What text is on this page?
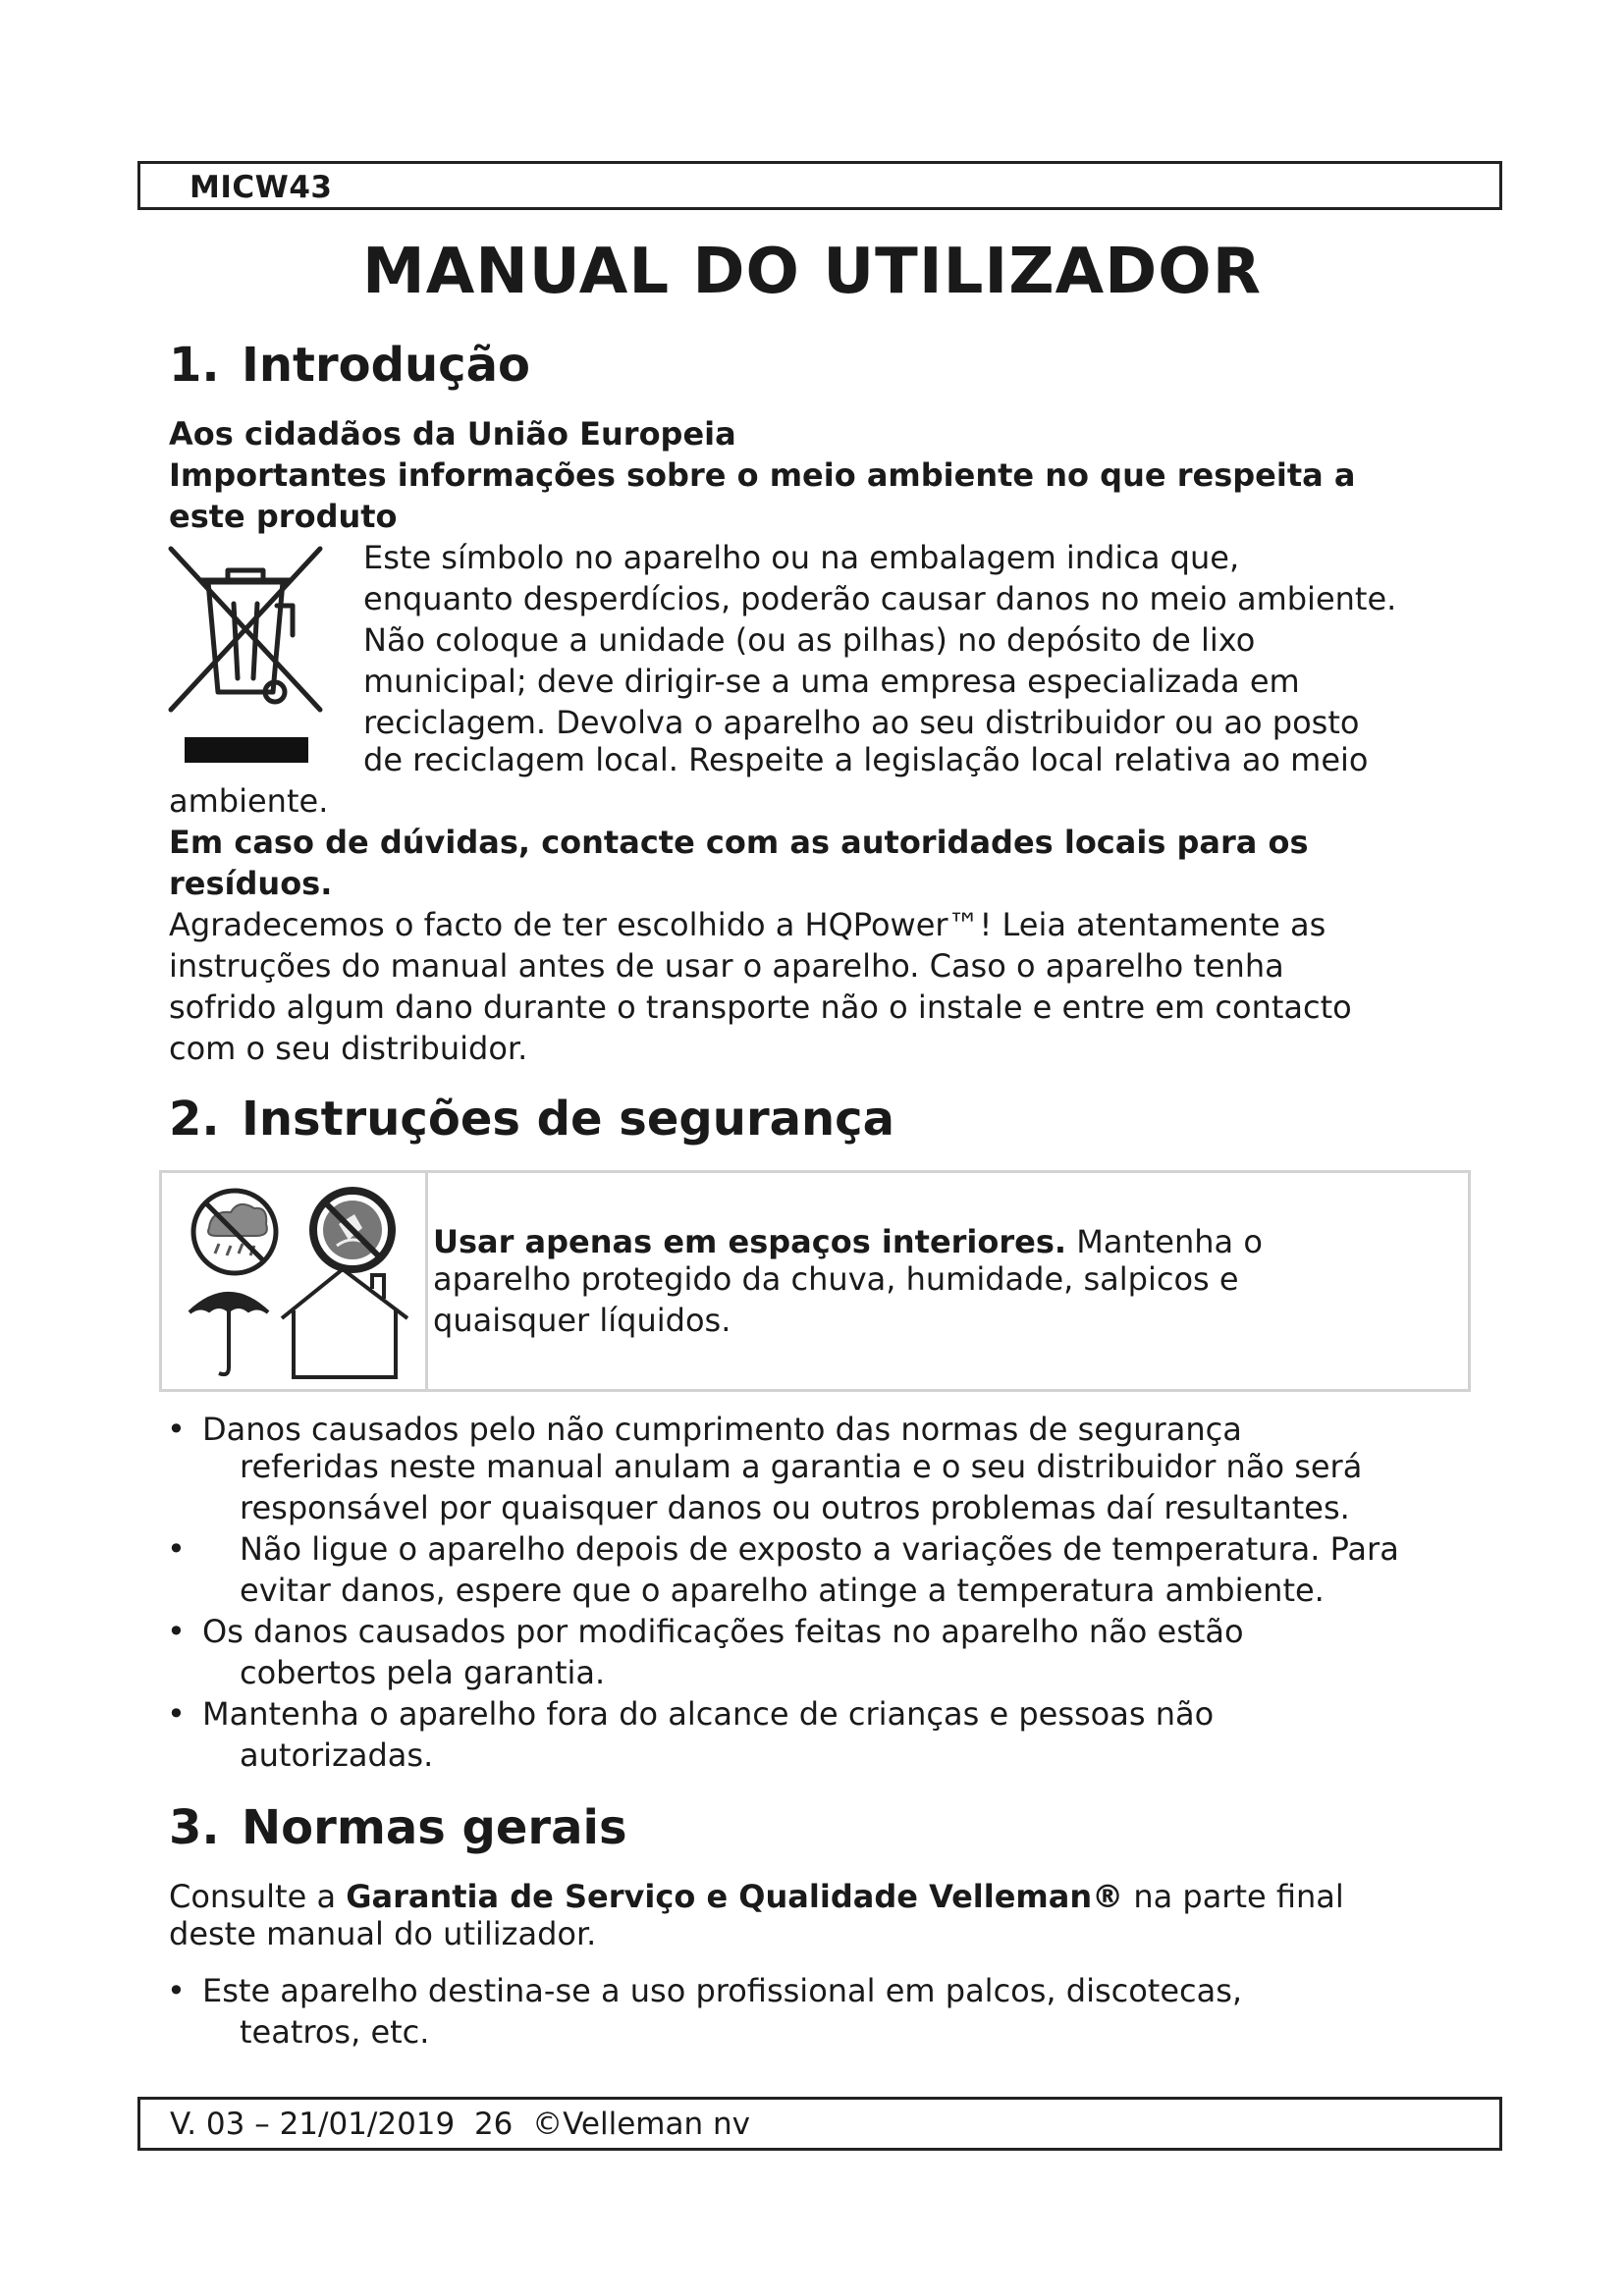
MICW43
MANUAL DO UTILIZADOR
1. Introdução
Aos cidadãos da União Europeia
Importantes informações sobre o meio ambiente no que respeita a
este produto
Este símbolo no aparelho ou na embalagem indica que,
enquanto desperdícios, poderão causar danos no meio ambiente.
Não coloque a unidade (ou as pilhas) no depósito de lixo
municipal; deve dirigir-se a uma empresa especializada em
reciclagem. Devolva o aparelho ao seu distribuidor ou ao posto
de reciclagem local. Respeite a legislação local relativa ao meio
ambiente.
Em caso de dúvidas, contacte com as autoridades locais para os
resíduos.
Agradecemos o facto de ter escolhido a HQPower™! Leia atentamente as
instruções do manual antes de usar o aparelho. Caso o aparelho tenha
sofrido algum dano durante o transporte não o instale e entre em contacto
com o seu distribuidor.
2. Instruções de segurança
Usar apenas em espaços interiores. Mantenha o
aparelho protegido da chuva, humidade, salpicos e
quaisquer líquidos.
• Danos causados pelo não cumprimento das normas de segurança
referidas neste manual anulam a garantia e o seu distribuidor não será
responsável por quaisquer danos ou outros problemas daí resultantes.
• Não ligue o aparelho depois de exposto a variações de temperatura. Para
evitar danos, espere que o aparelho atinge a temperatura ambiente.
• Os danos causados por modificações feitas no aparelho não estão
cobertos pela garantia.
• Mantenha o aparelho fora do alcance de crianças e pessoas não
autorizadas.
3. Normas gerais
Consulte a Garantia de Serviço e Qualidade Velleman® na parte final
deste manual do utilizador.
• Este aparelho destina-se a uso profissional em palcos, discotecas,
teatros, etc.
V. 03 – 21/01/2019  26  ©Velleman nv
